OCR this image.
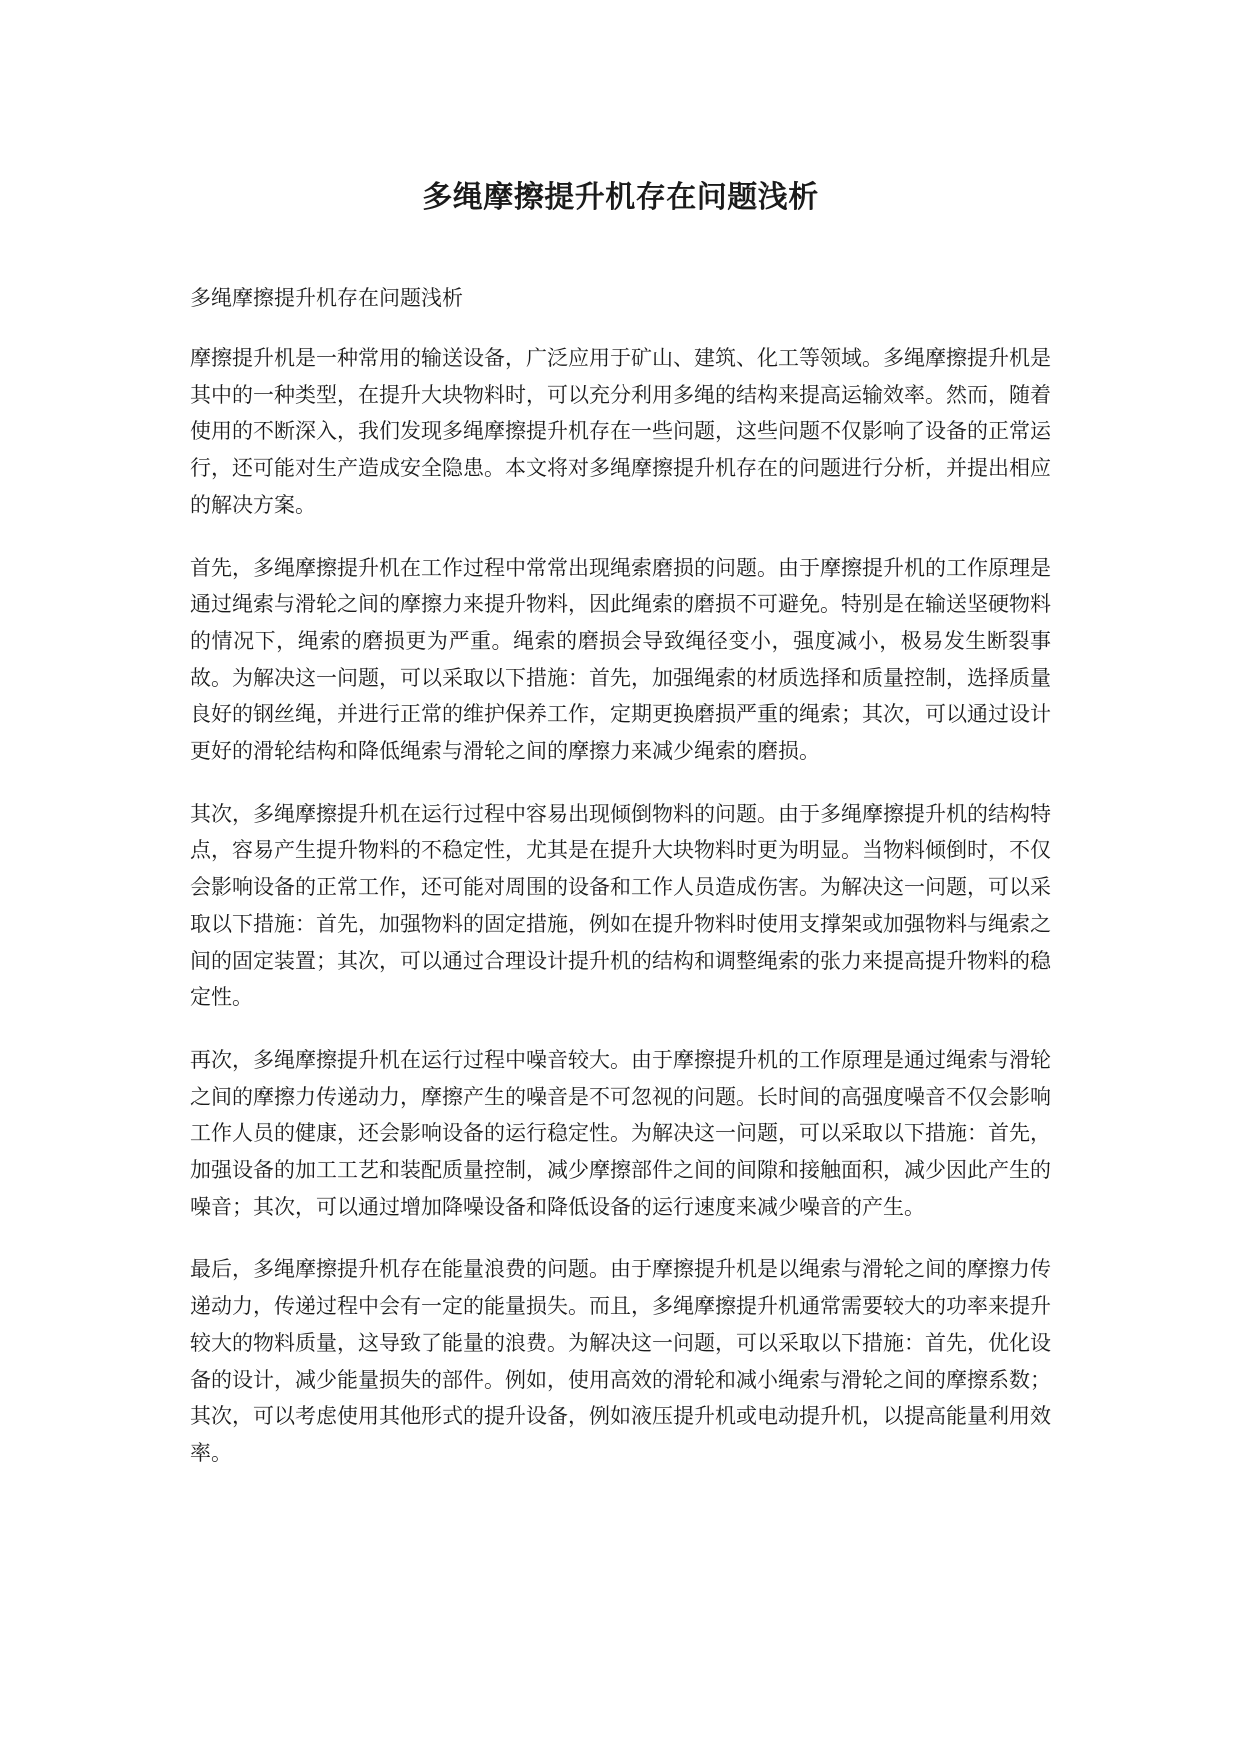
多绳摩擦提升机存在问题浅析

多绳摩擦提升机存在问题浅析

摩擦提升机是一种常用的输送设备，广泛应用于矿山、建筑、化工等领域。多绳摩擦提升机是其中的一种类型，在提升大块物料时，可以充分利用多绳的结构来提高运输效率。然而，随着使用的不断深入，我们发现多绳摩擦提升机存在一些问题，这些问题不仅影响了设备的正常运行，还可能对生产造成安全隐患。本文将对多绳摩擦提升机存在的问题进行分析，并提出相应的解决方案。

首先，多绳摩擦提升机在工作过程中常常出现绳索磨损的问题。由于摩擦提升机的工作原理是通过绳索与滑轮之间的摩擦力来提升物料，因此绳索的磨损不可避免。特别是在输送坚硬物料的情况下，绳索的磨损更为严重。绳索的磨损会导致绳径变小，强度减小，极易发生断裂事故。为解决这一问题，可以采取以下措施：首先，加强绳索的材质选择和质量控制，选择质量良好的钢丝绳，并进行正常的维护保养工作，定期更换磨损严重的绳索；其次，可以通过设计更好的滑轮结构和降低绳索与滑轮之间的摩擦力来减少绳索的磨损。

其次，多绳摩擦提升机在运行过程中容易出现倾倒物料的问题。由于多绳摩擦提升机的结构特点，容易产生提升物料的不稳定性，尤其是在提升大块物料时更为明显。当物料倾倒时，不仅会影响设备的正常工作，还可能对周围的设备和工作人员造成伤害。为解决这一问题，可以采取以下措施：首先，加强物料的固定措施，例如在提升物料时使用支撑架或加强物料与绳索之间的固定装置；其次，可以通过合理设计提升机的结构和调整绳索的张力来提高提升物料的稳定性。

再次，多绳摩擦提升机在运行过程中噪音较大。由于摩擦提升机的工作原理是通过绳索与滑轮之间的摩擦力传递动力，摩擦产生的噪音是不可忽视的问题。长时间的高强度噪音不仅会影响工作人员的健康，还会影响设备的运行稳定性。为解决这一问题，可以采取以下措施：首先，加强设备的加工工艺和装配质量控制，减少摩擦部件之间的间隙和接触面积，减少因此产生的噪音；其次，可以通过增加降噪设备和降低设备的运行速度来减少噪音的产生。

最后，多绳摩擦提升机存在能量浪费的问题。由于摩擦提升机是以绳索与滑轮之间的摩擦力传递动力，传递过程中会有一定的能量损失。而且，多绳摩擦提升机通常需要较大的功率来提升较大的物料质量，这导致了能量的浪费。为解决这一问题，可以采取以下措施：首先，优化设备的设计，减少能量损失的部件。例如，使用高效的滑轮和减小绳索与滑轮之间的摩擦系数；其次，可以考虑使用其他形式的提升设备，例如液压提升机或电动提升机，以提高能量利用效率。
